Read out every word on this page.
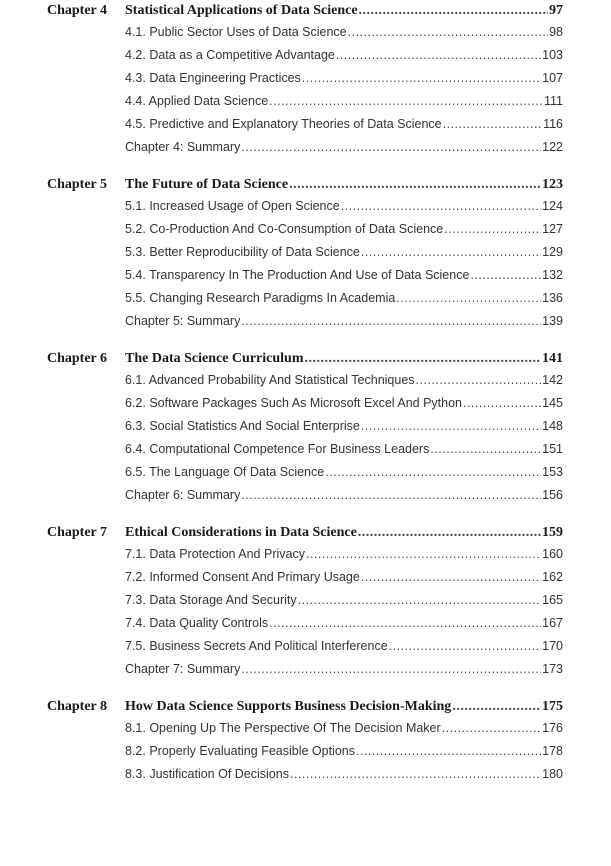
Chapter 4	Statistical Applications of Data Science .....	97
4.1. Public Sector Uses of Data Science .....	98
4.2. Data as a Competitive Advantage .....	103
4.3. Data Engineering Practices .....	107
4.4. Applied Data Science .....	111
4.5. Predictive and Explanatory Theories of Data Science .....	116
Chapter 4: Summary .....	122
Chapter 5	The Future of Data Science .....	123
5.1. Increased Usage of Open Science .....	124
5.2. Co-Production And Co-Consumption of Data Science .....	127
5.3. Better Reproducibility of Data Science .....	129
5.4. Transparency In The Production And Use of Data Science .....	132
5.5. Changing Research Paradigms In Academia .....	136
Chapter 5: Summary .....	139
Chapter 6	The Data Science Curriculum .....	141
6.1. Advanced Probability And Statistical Techniques .....	142
6.2. Software Packages Such As Microsoft Excel And Python .....	145
6.3. Social Statistics And Social Enterprise .....	148
6.4. Computational Competence For Business Leaders .....	151
6.5. The Language Of Data Science .....	153
Chapter 6: Summary .....	156
Chapter 7	Ethical Considerations in Data Science .....	159
7.1. Data Protection And Privacy .....	160
7.2. Informed Consent And Primary Usage .....	162
7.3. Data Storage And Security .....	165
7.4. Data Quality Controls .....	167
7.5. Business Secrets And Political Interference .....	170
Chapter 7: Summary .....	173
Chapter 8	How Data Science Supports Business Decision-Making .....	175
8.1. Opening Up The Perspective Of The Decision Maker .....	176
8.2. Properly Evaluating Feasible Options .....	178
8.3. Justification Of Decisions .....	180
